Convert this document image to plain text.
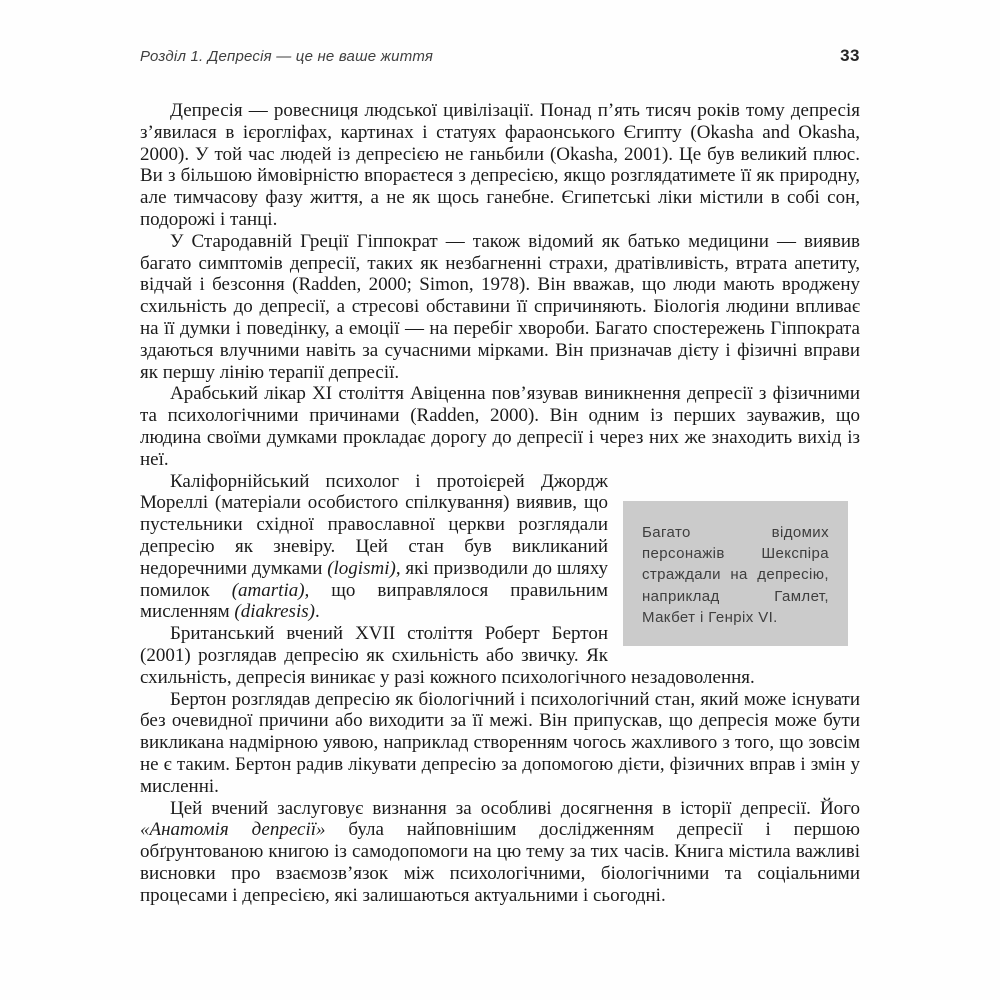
Розділ 1. Депресія — це не ваше життя	33
Депресія — ровесниця людської цивілізації. Понад п’ять тисяч років тому депресія з’явилася в ієрогліфах, картинах і статуях фараонського Єгипту (Okasha and Okasha, 2000). У той час людей із депресією не ганьбили (Okasha, 2001). Це був великий плюс. Ви з більшою ймовірністю впораєтеся з депресією, якщо розглядатимете її як природну, але тимчасову фазу життя, а не як щось ганебне. Єгипетські ліки містили в собі сон, подорожі і танці.
У Стародавній Греції Гіппократ — також відомий як батько медицини — виявив багато симптомів депресії, таких як незбагненні страхи, дратівливість, втрата апетиту, відчай і безсоння (Radden, 2000; Simon, 1978). Він вважав, що люди мають вроджену схильність до депресії, а стресові обставини її спричиняють. Біологія людини впливає на її думки і поведінку, а емоції — на перебіг хвороби. Багато спостережень Гіппократа здаються влучними навіть за сучасними мірками. Він призначав дієту і фізичні вправи як першу лінію терапії депресії.
Арабський лікар XI століття Авіценна пов’язував виникнення депресії з фізичними та психологічними причинами (Radden, 2000). Він одним із перших зауважив, що людина своїми думками прокладає дорогу до депресії і через них же знаходить вихід із неї.
Багато відомих персонажів Шекспіра страждали на депресію, наприклад Гамлет, Макбет і Генріх VI.
Каліфорнійський психолог і протоієрей Джордж Мореллі (матеріали особистого спілкування) виявив, що пустельники східної православної церкви розглядали депресію як зневіру. Цей стан був викликаний недоречними думками (logismi), які призводили до шляху помилок (amartia), що виправлялося правильним мисленням (diakresis).
Британський вчений XVII століття Роберт Бертон (2001) розглядав депресію як схильність або звичку. Як схильність, депресія виникає у разі кожного психологічного незадоволення.
Бертон розглядав депресію як біологічний і психологічний стан, який може існувати без очевидної причини або виходити за її межі. Він припускав, що депресія може бути викликана надмірною уявою, наприклад створенням чогось жахливого з того, що зовсім не є таким. Бертон радив лікувати депресію за допомогою дієти, фізичних вправ і змін у мисленні.
Цей вчений заслуговує визнання за особливі досягнення в історії депресії. Його «Анатомія депресії» була найповнішим дослідженням депресії і першою обґрунтованою книгою із самодопомоги на цю тему за тих часів. Книга містила важливі висновки про взаємозв’язок між психологічними, біологічними та соціальними процесами і депресією, які залишаються актуальними і сьогодні.
